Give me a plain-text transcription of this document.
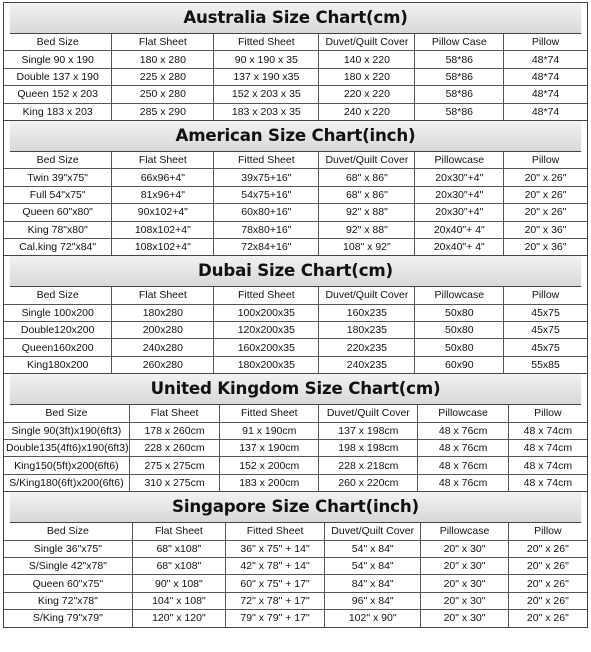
Australia Size Chart(cm)
Bed Size	Flat Sheet	Fitted Sheet	Duvet/Quilt Cover	Pillow Case	Pillow
Single 90 x 190	180 x 280	90 x 190 x 35	140 x 220	58*86	48*74
Double 137 x 190	225 x 280	137 x 190 x35	180 x 220	58*86	48*74
Queen 152 x 203	250 x 280	152 x 203 x 35	220 x 220	58*86	48*74
King 183 x 203	285 x 290	183 x 203 x 35	240 x 220	58*86	48*74
American Size Chart(inch)
Bed Size	Flat Sheet	Fitted Sheet	Duvet/Quilt Cover	Pillowcase	Pillow
Twin 39"x75"	66x96+4"	39x75+16"	68" x 86"	20x30"+4"	20" x 26"
Full 54"x75"	81x96+4"	54x75+16"	68" x 86"	20x30"+4"	20" x 26"
Queen 60"x80"	90x102+4"	60x80+16"	92" x 88"	20x30"+4"	20" x 26"
King 78"x80"	108x102+4"	78x80+16"	92" x 88"	20x40"+ 4"	20" x 36"
Cal.king 72"x84"	108x102+4"	72x84+16"	108" x 92"	20x40"+ 4"	20" x 36"
Dubai Size Chart(cm)
Bed Size	Flat Sheet	Fitted Sheet	Duvet/Quilt Cover	Pillowcase	Pillow
Single 100x200	180x280	100x200x35	160x235	50x80	45x75
Double120x200	200x280	120x200x35	180x235	50x80	45x75
Queen160x200	240x280	160x200x35	220x235	50x80	45x75
King180x200	260x280	180x200x35	240x235	60x90	55x85
United Kingdom Size Chart(cm)
Bed Size	Flat Sheet	Fitted Sheet	Duvet/Quilt Cover	Pillowcase	Pillow
Single 90(3ft)x190(6ft3)	178 x 260cm	91 x 190cm	137 x 198cm	48 x 76cm	48 x 74cm
Double135(4ft6)x190(6ft3)	228 x 260cm	137 x 190cm	198 x 198cm	48 x 76cm	48 x 74cm
King150(5ft)x200(6ft6)	275 x 275cm	152 x 200cm	228 x 218cm	48 x 76cm	48 x 74cm
S/King180(6ft)x200(6ft6)	310 x 275cm	183 x 200cm	260 x 220cm	48 x 76cm	48 x 74cm
Singapore Size Chart(inch)
Bed Size	Flat Sheet	Fitted Sheet	Duvet/Quilt Cover	Pillowcase	Pillow
Single 36"x75"	68" x108"	36" x 75" + 14"	54" x 84"	20" x 30"	20" x 26"
S/Single 42"x78"	68" x108"	42" x 78" + 14"	54" x 84"	20" x 30"	20" x 26"
Queen 60"x75"	90" x 108"	60" x 75" + 17"	84" x 84"	20" x 30"	20" x 26"
King 72"x78"	104" x 108"	72" x 78" + 17"	96" x 84"	20" x 30"	20" x 26"
S/King 79"x79"	120" x 120"	79" x 79" + 17"	102" x 90"	20" x 30"	20" x 26"
